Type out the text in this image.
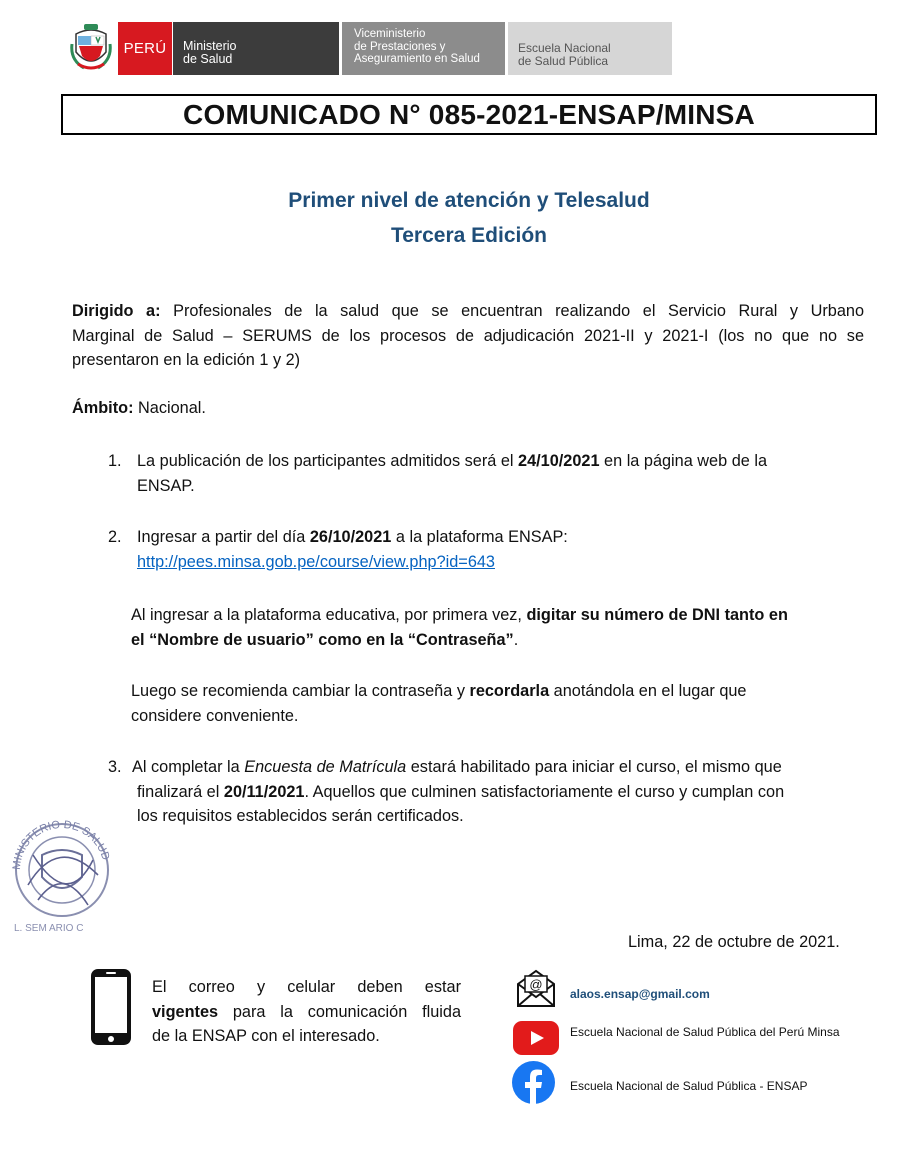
PERÚ Ministerio
de Salud
Viceministerio
de Prestaciones y
Aseguramiento en Salud
Escuela Nacional
de Salud Pública
COMUNICADO N° 085-2021-ENSAP/MINSA
Primer nivel de atención y Telesalud
Tercera Edición
Dirigido a: Profesionales de la salud que se encuentran realizando el Servicio Rural y Urbano
Marginal de Salud – SERUMS de los procesos de adjudicación 2021-II y 2021-I (los no que no se
presentaron en la edición 1 y 2)
Ámbito: Nacional.
1. La publicación de los participantes admitidos será el 24/10/2021 en la página web de la
ENSAP.
2. Ingresar a partir del día 26/10/2021 a la plataforma ENSAP:
http://pees.minsa.gob.pe/course/view.php?id=643
Al ingresar a la plataforma educativa, por primera vez, digitar su número de DNI tanto en
el “Nombre de usuario” como en la “Contraseña”.
Luego se recomienda cambiar la contraseña y recordarla anotándola en el lugar que
considere conveniente.
3. Al completar la Encuesta de Matrícula estará habilitado para iniciar el curso, el mismo que
finalizará el 20/11/2021. Aquellos que culminen satisfactoriamente el curso y cumplan con
los requisitos establecidos serán certificados.
MINISTERIO DE SALUD
L. SEM ARIO C
Lima, 22 de octubre de 2021.
El correo y celular deben estar
vigentes para la comunicación fluida
de la ENSAP con el interesado.
@
alaos.ensap@gmail.com
Escuela Nacional de Salud Pública del Perú Minsa
Escuela Nacional de Salud Pública - ENSAP
